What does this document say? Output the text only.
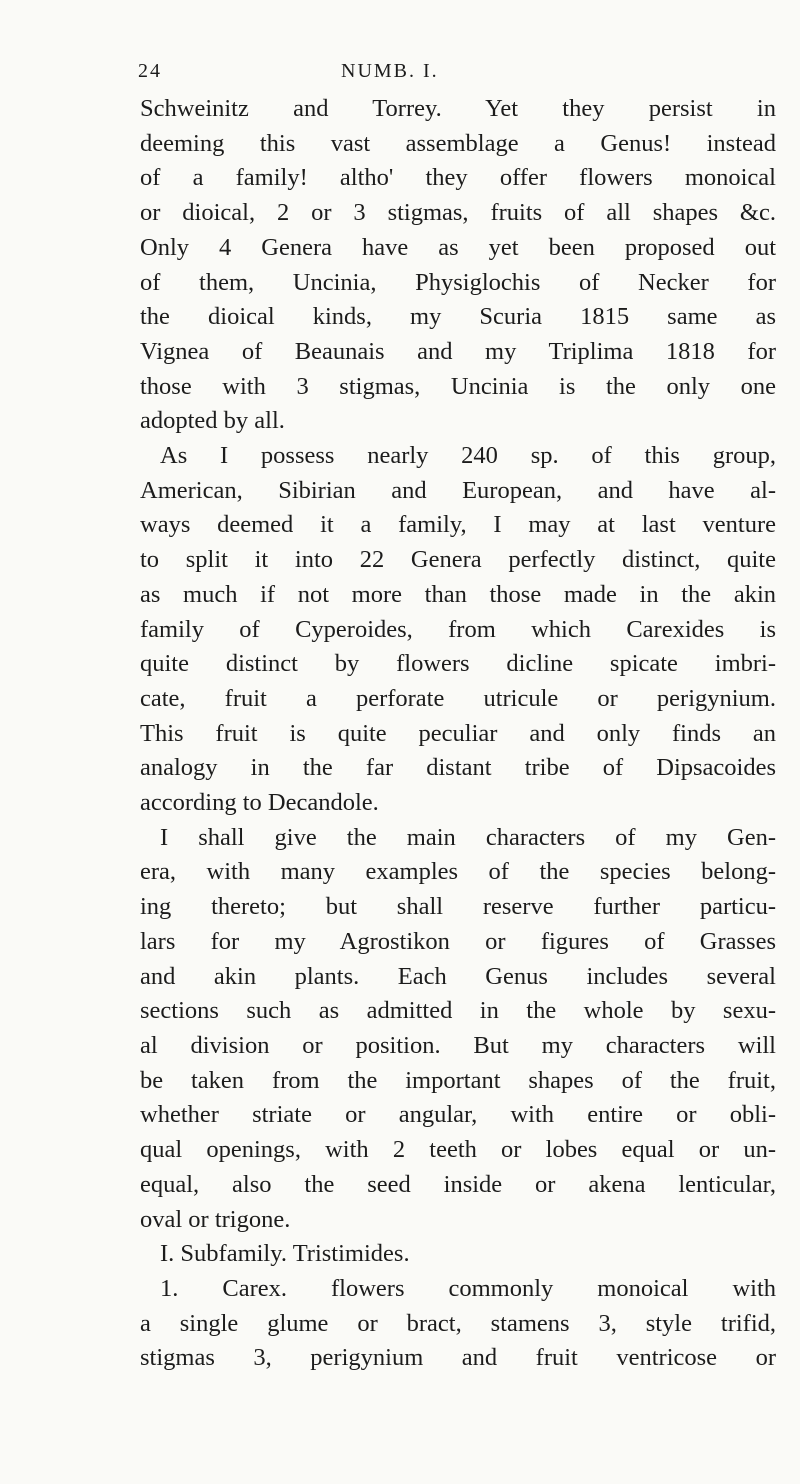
24	NUMB. I.
Schweinitz and Torrey. Yet they persist in
deeming this vast assemblage a Genus! instead
of a family! altho' they offer flowers monoical
or dioical, 2 or 3 stigmas, fruits of all shapes &c.
Only 4 Genera have as yet been proposed out
of them, Uncinia, Physiglochis of Necker for
the dioical kinds, my Scuria 1815 same as
Vignea of Beaunais and my Triplima 1818 for
those with 3 stigmas, Uncinia is the only one
adopted by all.
As I possess nearly 240 sp. of this group,
American, Sibirian and European, and have al-
ways deemed it a family, I may at last venture
to split it into 22 Genera perfectly distinct, quite
as much if not more than those made in the akin
family of Cyperoides, from which Carexides is
quite distinct by flowers dicline spicate imbri-
cate, fruit a perforate utricule or perigynium.
This fruit is quite peculiar and only finds an
analogy in the far distant tribe of Dipsacoides
according to Decandole.
I shall give the main characters of my Gen-
era, with many examples of the species belong-
ing thereto; but shall reserve further particu-
lars for my Agrostikon or figures of Grasses
and akin plants. Each Genus includes several
sections such as admitted in the whole by sexu-
al division or position. But my characters will
be taken from the important shapes of the fruit,
whether striate or angular, with entire or obli-
qual openings, with 2 teeth or lobes equal or un-
equal, also the seed inside or akena lenticular,
oval or trigone.
I. Subfamily. Tristimides.
1. Carex. flowers commonly monoical with
a single glume or bract, stamens 3, style trifid,
stigmas 3, perigynium and fruit ventricose or
